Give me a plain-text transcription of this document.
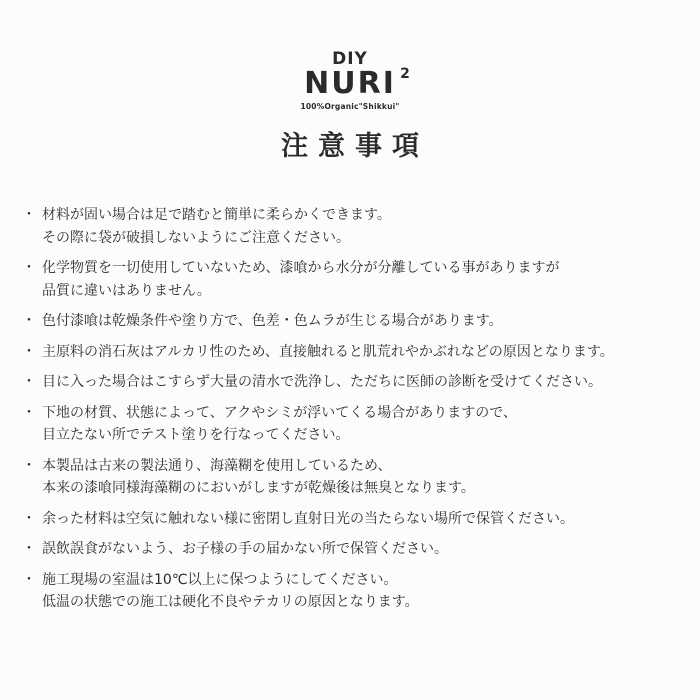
DIY
NURI 2
100%Organic"Shikkui"
注意事項
・ 材料が固い場合は足で踏むと簡単に柔らかくできます。
その際に袋が破損しないようにご注意ください。
・ 化学物質を一切使用していないため、漆喰から水分が分離している事がありますが
品質に違いはありません。
・ 色付漆喰は乾燥条件や塗り方で、色差・色ムラが生じる場合があります。
・ 主原料の消石灰はアルカリ性のため、直接触れると肌荒れやかぶれなどの原因となります。
・ 目に入った場合はこすらず大量の清水で洗浄し、ただちに医師の診断を受けてください。
・ 下地の材質、状態によって、アクやシミが浮いてくる場合がありますので、
目立たない所でテスト塗りを行なってください。
・ 本製品は古来の製法通り、海藻糊を使用しているため、
本来の漆喰同様海藻糊のにおいがしますが乾燥後は無臭となります。
・ 余った材料は空気に触れない様に密閉し直射日光の当たらない場所で保管ください。
・ 誤飲誤食がないよう、お子様の手の届かない所で保管ください。
・ 施工現場の室温は10℃以上に保つようにしてください。
低温の状態での施工は硬化不良やテカリの原因となります。
